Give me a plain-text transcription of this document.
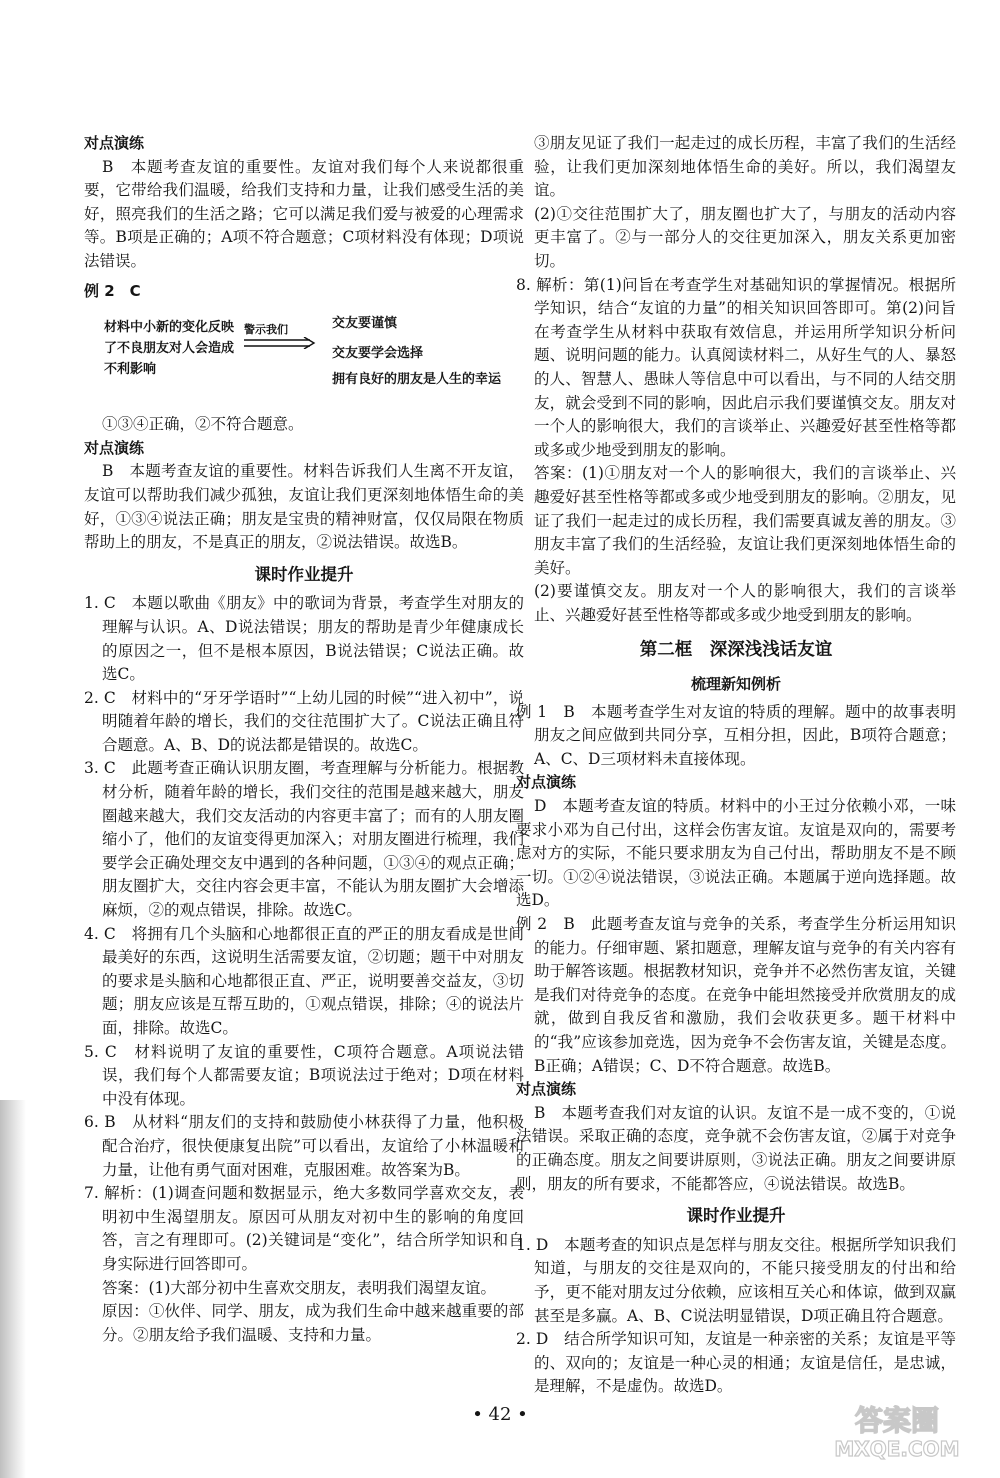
对点演练

B　本题考查友谊的重要性。友谊对我们每个人来说都很重要，它带给我们温暖，给我们支持和力量，让我们感受生活的美好，照亮我们的生活之路；它可以满足我们爱与被爱的心理需求等。B项是正确的；A项不符合题意；C项材料没有体现；D项说法错误。

例 2　C

材料中小新的变化反映了不良朋友对人会造成不利影响
警示我们	交友要谨慎
交友要学会选择
拥有良好的朋友是人生的幸运

①③④正确，②不符合题意。

对点演练

B　本题考查友谊的重要性。材料告诉我们人生离不开友谊，友谊可以帮助我们减少孤独，友谊让我们更深刻地体悟生命的美好，①③④说法正确；朋友是宝贵的精神财富，仅仅局限在物质帮助上的朋友，不是真正的朋友，②说法错误。故选B。

课时作业提升

1. C　本题以歌曲《朋友》中的歌词为背景，考查学生对朋友的理解与认识。A、D说法错误；朋友的帮助是青少年健康成长的原因之一，但不是根本原因，B说法错误；C说法正确。故选C。

2. C　材料中的“牙牙学语时”“上幼儿园的时候”“进入初中”，说明随着年龄的增长，我们的交往范围扩大了。C说法正确且符合题意。A、B、D的说法都是错误的。故选C。

3. C　此题考查正确认识朋友圈，考查理解与分析能力。根据教材分析，随着年龄的增长，我们交往的范围是越来越大，朋友圈越来越大，我们交友活动的内容更丰富了；而有的人朋友圈缩小了，他们的友谊变得更加深入；对朋友圈进行梳理，我们要学会正确处理交友中遇到的各种问题，①③④的观点正确；朋友圈扩大，交往内容会更丰富，不能认为朋友圈扩大会增添麻烦，②的观点错误，排除。故选C。

4. C　将拥有几个头脑和心地都很正直的严正的朋友看成是世间最美好的东西，这说明生活需要友谊，②切题；题干中对朋友的要求是头脑和心地都很正直、严正，说明要善交益友，③切题；朋友应该是互帮互助的，①观点错误，排除；④的说法片面，排除。故选C。

5. C　材料说明了友谊的重要性，C项符合题意。A项说法错误，我们每个人都需要友谊；B项说法过于绝对；D项在材料中没有体现。

6. B　从材料“朋友们的支持和鼓励使小林获得了力量，他积极配合治疗，很快便康复出院”可以看出，友谊给了小林温暖和力量，让他有勇气面对困难，克服困难。故答案为B。

7. 解析：(1)调查问题和数据显示，绝大多数同学喜欢交友，表明初中生渴望朋友。原因可从朋友对初中生的影响的角度回答，言之有理即可。(2)关键词是“变化”，结合所学知识和自身实际进行回答即可。

答案：(1)大部分初中生喜欢交朋友，表明我们渴望友谊。

原因：①伙伴、同学、朋友，成为我们生命中越来越重要的部分。②朋友给予我们温暖、支持和力量。

③朋友见证了我们一起走过的成长历程，丰富了我们的生活经验，让我们更加深刻地体悟生命的美好。所以，我们渴望友谊。

(2)①交往范围扩大了，朋友圈也扩大了，与朋友的活动内容更丰富了。②与一部分人的交往更加深入，朋友关系更加密切。

8. 解析：第(1)问旨在考查学生对基础知识的掌握情况。根据所学知识，结合“友谊的力量”的相关知识回答即可。第(2)问旨在考查学生从材料中获取有效信息，并运用所学知识分析问题、说明问题的能力。认真阅读材料二，从好生气的人、暴怒的人、智慧人、愚昧人等信息中可以看出，与不同的人结交朋友，就会受到不同的影响，因此启示我们要谨慎交友。朋友对一个人的影响很大，我们的言谈举止、兴趣爱好甚至性格等都或多或少地受到朋友的影响。

答案：(1)①朋友对一个人的影响很大，我们的言谈举止、兴趣爱好甚至性格等都或多或少地受到朋友的影响。②朋友，见证了我们一起走过的成长历程，我们需要真诚友善的朋友。③朋友丰富了我们的生活经验，友谊让我们更深刻地体悟生命的美好。

(2)要谨慎交友。朋友对一个人的影响很大，我们的言谈举止、兴趣爱好甚至性格等都或多或少地受到朋友的影响。

第二框　深深浅浅话友谊

梳理新知例析

例 1　B　本题考查学生对友谊的特质的理解。题中的故事表明朋友之间应做到共同分享，互相分担，因此，B项符合题意；A、C、D三项材料未直接体现。

对点演练

D　本题考查友谊的特质。材料中的小王过分依赖小邓，一味要求小邓为自己付出，这样会伤害友谊。友谊是双向的，需要考虑对方的实际，不能只要求朋友为自己付出，帮助朋友不是不顾一切。①②④说法错误，③说法正确。本题属于逆向选择题。故选D。

例 2　B　此题考查友谊与竞争的关系，考查学生分析运用知识的能力。仔细审题、紧扣题意，理解友谊与竞争的有关内容有助于解答该题。根据教材知识，竞争并不必然伤害友谊，关键是我们对待竞争的态度。在竞争中能坦然接受并欣赏朋友的成就，做到自我反省和激励，我们会收获更多。题干材料中的“我”应该参加竞选，因为竞争不会伤害友谊，关键是态度。B正确；A错误；C、D不符合题意。故选B。

对点演练

B　本题考查我们对友谊的认识。友谊不是一成不变的，①说法错误。采取正确的态度，竞争就不会伤害友谊，②属于对竞争的正确态度。朋友之间要讲原则，③说法正确。朋友之间要讲原则，朋友的所有要求，不能都答应，④说法错误。故选B。

课时作业提升

1. D　本题考查的知识点是怎样与朋友交往。根据所学知识我们知道，与朋友的交往是双向的，不能只接受朋友的付出和给予，更不能对朋友过分依赖，应该相互关心和体谅，做到双赢甚至是多赢。A、B、C说法明显错误，D项正确且符合题意。

2. D　结合所学知识可知，友谊是一种亲密的关系；友谊是平等的、双向的；友谊是一种心灵的相通；友谊是信任，是忠诚，是理解，不是虚伪。故选D。

• 42 •	答案圈
MXQE.COM
